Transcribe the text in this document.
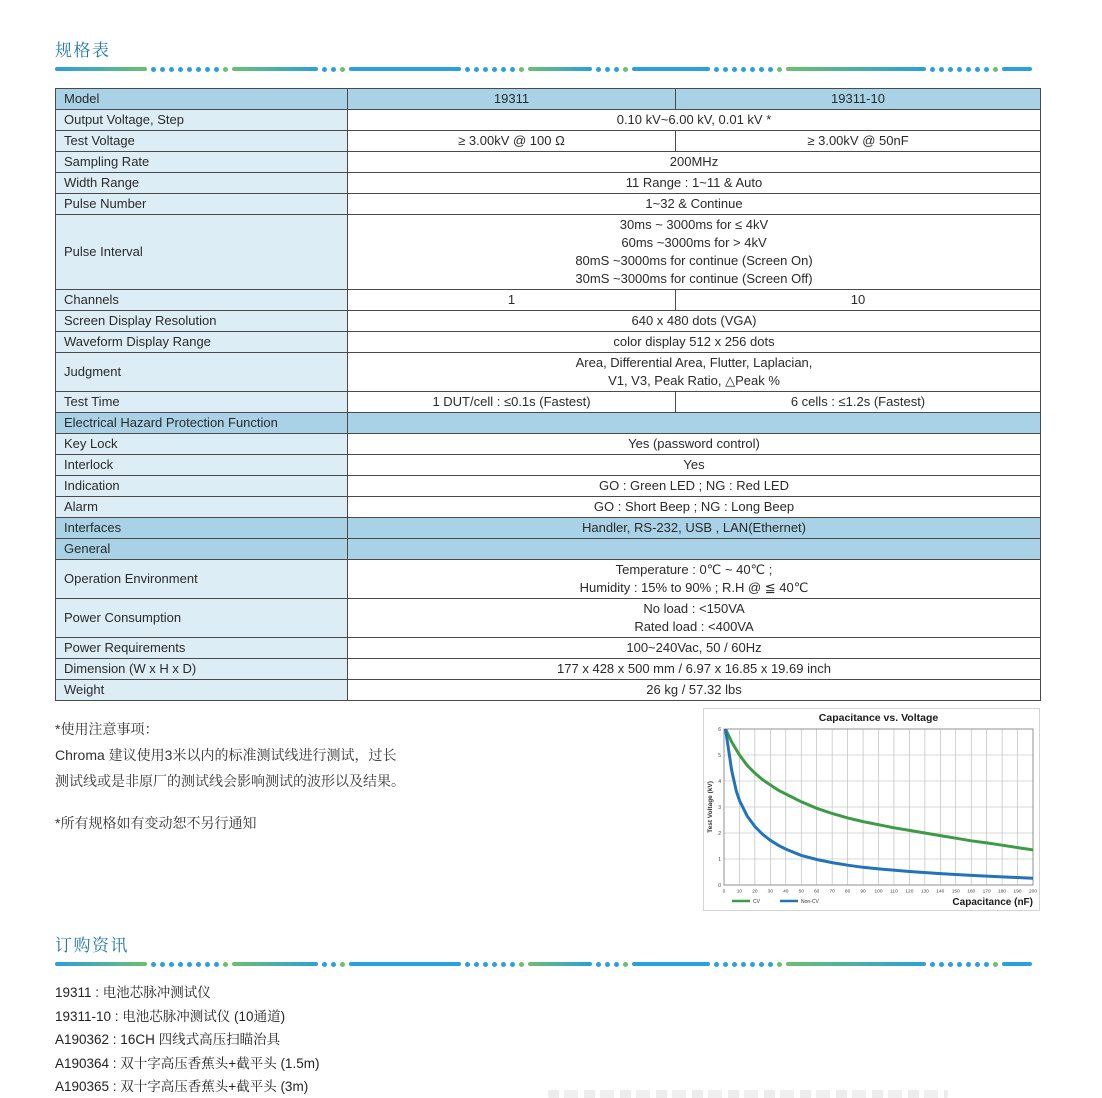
规格表
Model	19311	19311-10
Output Voltage, Step	0.10 kV~6.00 kV, 0.01 kV *	

Test Voltage	≥ 3.00kV @ 100 Ω	≥ 3.00kV @ 50nF
Sampling Rate	200MHz	

Width Range	11 Range : 1~11 & Auto	

Pulse Number	1~32 & Continue	

Pulse Interval	30ms ~ 3000ms for ≤ 4kV
60ms ~3000ms for > 4kV
80mS ~3000ms for continue (Screen On)
30mS ~3000ms for continue (Screen Off)	

Channels	1	10
Screen Display Resolution	640 x 480 dots (VGA)	

Waveform Display Range	color display 512 x 256 dots	

Judgment	Area, Differential Area, Flutter, Laplacian,
V1, V3, Peak Ratio, △Peak %	

Test Time	1 DUT/cell : ≤0.1s (Fastest)	6 cells : ≤1.2s (Fastest)
Electrical Hazard Protection Function		
Key Lock	Yes (password control)	

Interlock	Yes	

Indication	GO : Green LED ; NG : Red LED	

Alarm	GO : Short Beep ; NG : Long Beep	

Interfaces	Handler, RS-232, USB , LAN(Ethernet)	

General		
Operation Environment	Temperature : 0℃ ~ 40℃ ;
Humidity : 15% to 90% ; R.H @ ≦ 40℃	

Power Consumption	No load : <150VA
Rated load : <400VA	

Power Requirements	100~240Vac, 50 / 60Hz	

Dimension (W x H x D)	177 x 428 x 500 mm / 6.97 x 16.85 x 19.69 inch	

Weight	26 kg / 57.32 lbs	
*使用注意事项：
Chroma 建议使用3米以内的标准测试线进行测试，过长
测试线或是非原厂的测试线会影响测试的波形以及结果。
*所有规格如有变动恕不另行通知
0 10 20 30 40 50 60 70 80 90 100 110 120 130 140 150 160 170 180 190 200
0
1
2
3
4
5
6
Capacitance vs. Voltage
Test Voltage (kV)
Capacitance (nF)
CV	Non-CV
订购资讯
19311 : 电池芯脉冲测试仪
19311-10 : 电池芯脉冲测试仪 (10通道)
A190362 : 16CH 四线式高压扫瞄治具
A190364 : 双十字高压香蕉头+截平头 (1.5m)
A190365 : 双十字高压香蕉头+截平头 (3m)
